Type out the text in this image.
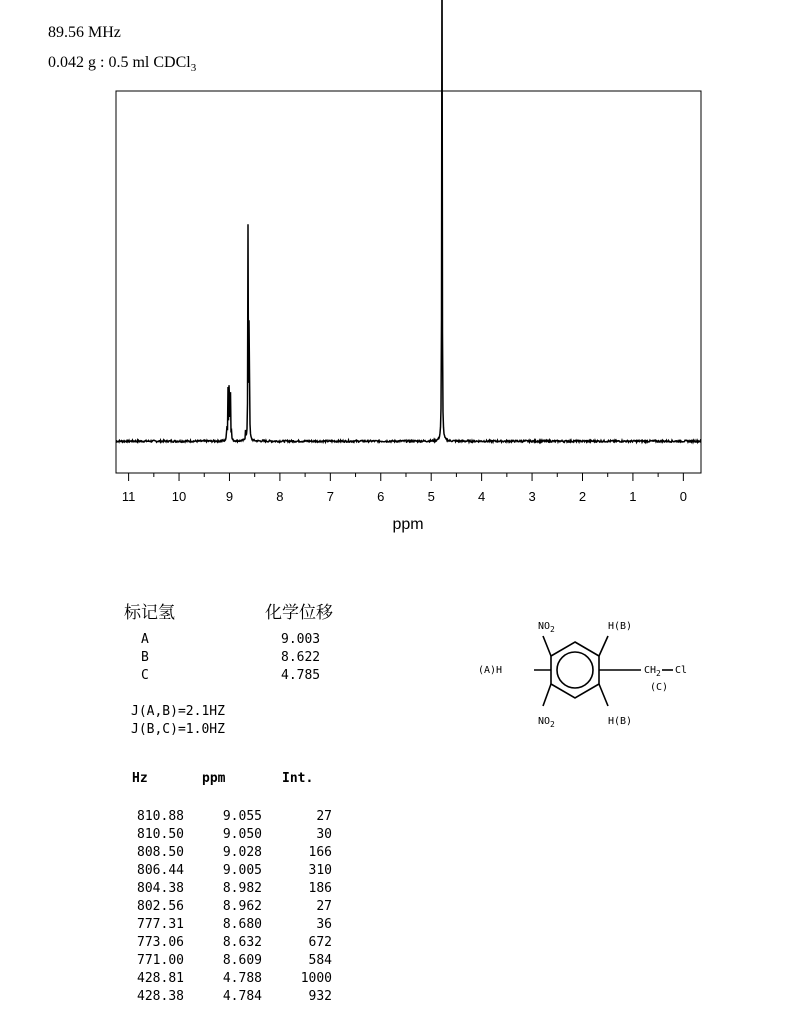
89.56 MHz
0.042 g : 0.5 ml CDCl$_3$
11	10	9	8	7	6	5	4	3	2	1	0
ppm
标记氢	化学位移
A	9.003
B	8.622
C	4.785
J(A,B)=2.1HZ
J(B,C)=1.0HZ
Hz	ppm	Int.
810.88	9.055	27
810.50	9.050	30
808.50	9.028	166
806.44	9.005	310
804.38	8.982	186
802.56	8.962	27
777.31	8.680	36
773.06	8.632	672
771.00	8.609	584
428.81	4.788	1000
428.38	4.784	932
$NO_2$	H(B)
(A)H	$CH_2$ Cl
(C)
$NO_2$	H(B)
